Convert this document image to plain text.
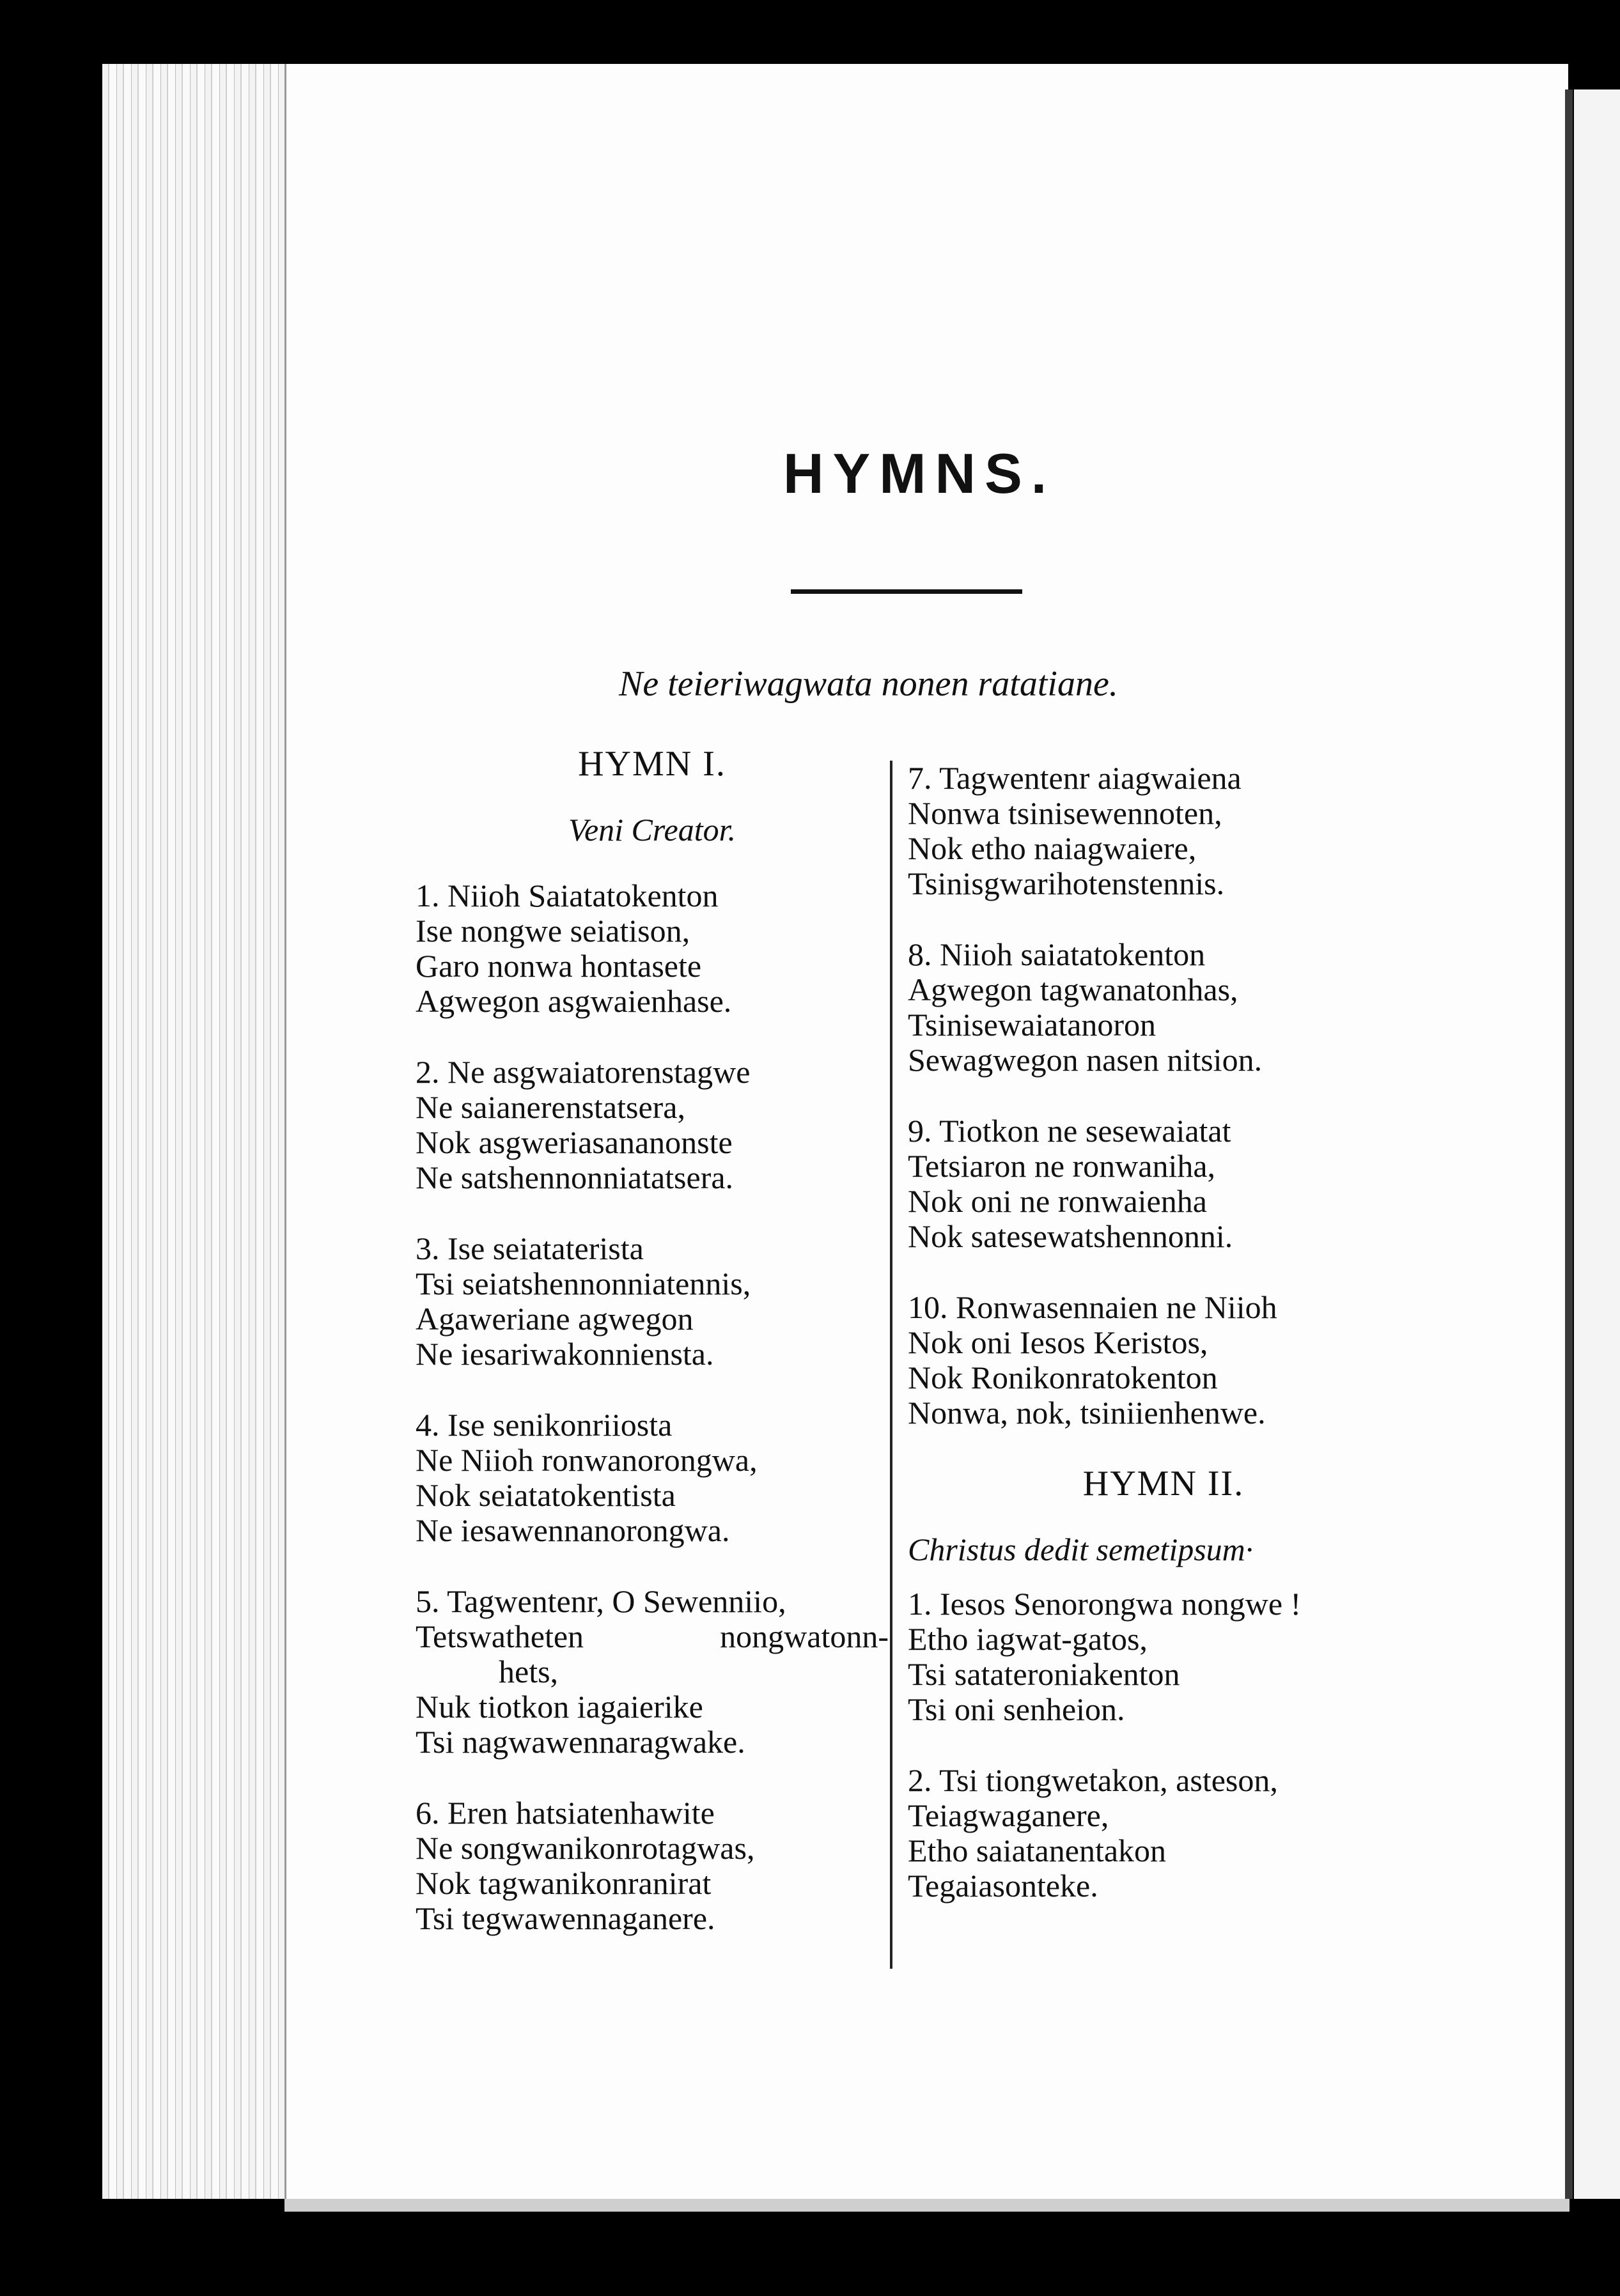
HYMNS.
Ne teieriwagwata nonen ratatiane.
HYMN I.
Veni Creator.
1. Niioh Saiatatokenton
Ise nongwe seiatison,
Garo nonwa hontasete
Agwegon asgwaienhase.
2. Ne asgwaiatorenstagwe
Ne saianerenstatsera,
Nok asgweriasananonste
Ne satshennonniatatsera.
3. Ise seiataterista
Tsi seiatshennonniatennis,
Agaweriane agwegon
Ne iesariwakonniensta.
4. Ise senikonriiosta
Ne Niioh ronwanorongwa,
Nok seiatatokentista
Ne iesawennanorongwa.
5. Tagwentenr, O Sewenniio,
Tetswatheten	nongwatonn-
hets,
Nuk tiotkon iagaierike
Tsi nagwawennaragwake.
6. Eren hatsiatenhawite
Ne songwanikonrotagwas,
Nok tagwanikonranirat
Tsi tegwawennaganere.
7. Tagwentenr aiagwaiena
Nonwa tsinisewennoten,
Nok etho naiagwaiere,
Tsinisgwarihotenstennis.
8. Niioh saiatatokenton
Agwegon tagwanatonhas,
Tsinisewaiatanoron
Sewagwegon nasen nitsion.
9. Tiotkon ne sesewaiatat
Tetsiaron ne ronwaniha,
Nok oni ne ronwaienha
Nok satesewatshennonni.
10. Ronwasennaien ne Niioh
Nok oni Iesos Keristos,
Nok Ronikonratokenton
Nonwa, nok, tsiniienhenwe.
HYMN II.
Christus dedit semetipsum·
1. Iesos Senorongwa nongwe !
Etho iagwat-gatos,
Tsi satateroniakenton
Tsi oni senheion.
2. Tsi tiongwetakon, asteson,
Teiagwaganere,
Etho saiatanentakon
Tegaiasonteke.
